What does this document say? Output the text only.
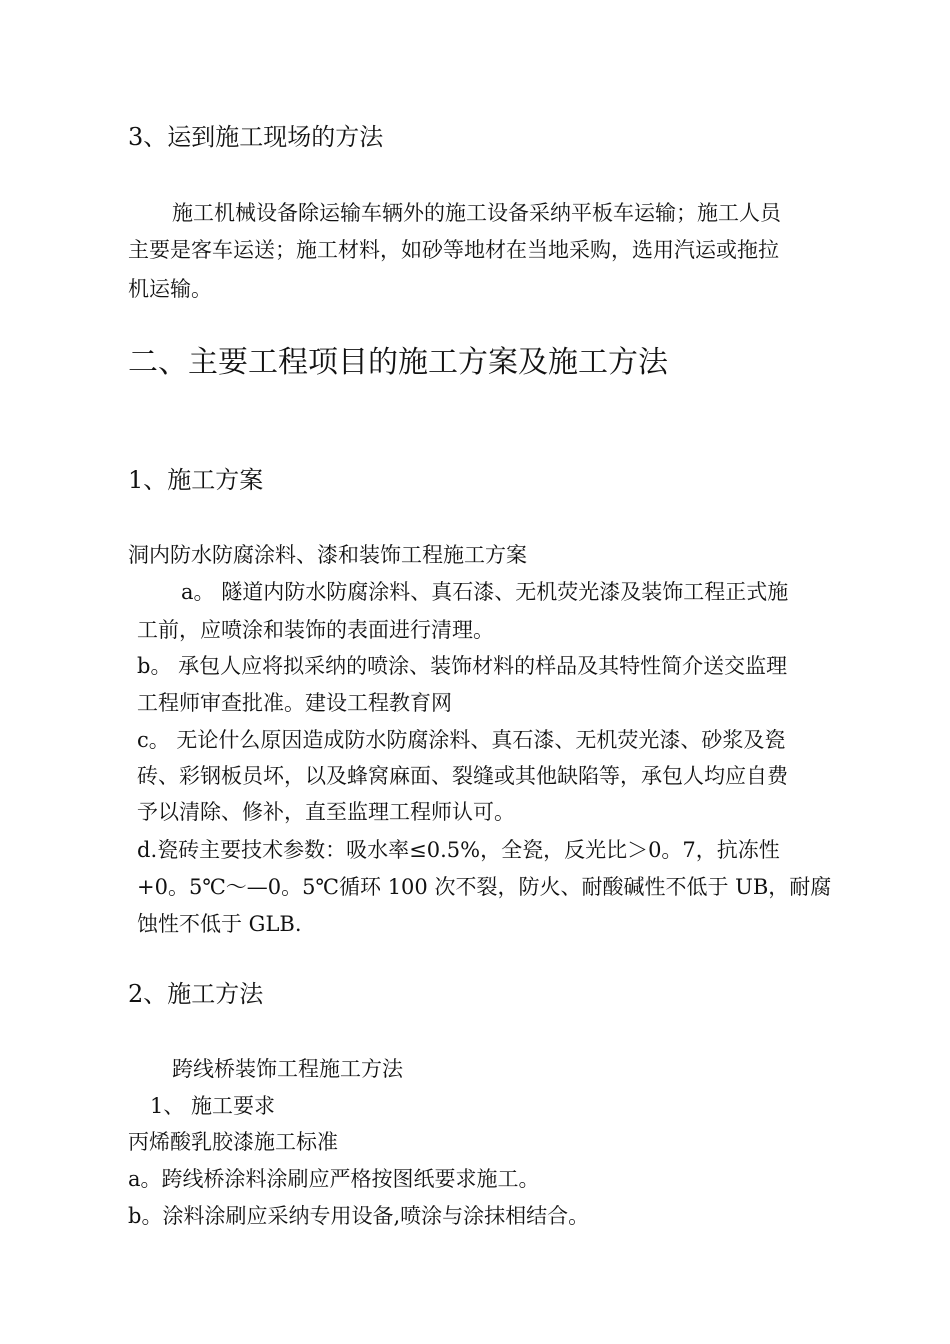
3、运到施工现场的方法
施工机械设备除运输车辆外的施工设备采纳平板车运输；施工人员
主要是客车运送；施工材料，如砂等地材在当地采购，选用汽运或拖拉
机运输。
二、主要工程项目的施工方案及施工方法
1、施工方案
洞内防水防腐涂料、漆和装饰工程施工方案
a。 隧道内防水防腐涂料、真石漆、无机荧光漆及装饰工程正式施
工前，应喷涂和装饰的表面进行清理。
b。 承包人应将拟采纳的喷涂、装饰材料的样品及其特性简介送交监理
工程师审查批准。建设工程教育网
c。 无论什么原因造成防水防腐涂料、真石漆、无机荧光漆、砂浆及瓷
砖、彩钢板员坏，以及蜂窝麻面、裂缝或其他缺陷等，承包人均应自费
予以清除、修补，直至监理工程师认可。
d.瓷砖主要技术参数：吸水率≤0.5%，全瓷，反光比＞0。7，抗冻性
+0。5℃～—0。5℃循环 100 次不裂，防火、耐酸碱性不低于 UB，耐腐
蚀性不低于 GLB.
2、施工方法
跨线桥装饰工程施工方法
1、 施工要求
丙烯酸乳胶漆施工标准
a。跨线桥涂料涂刷应严格按图纸要求施工。
b。涂料涂刷应采纳专用设备,喷涂与涂抹相结合。
